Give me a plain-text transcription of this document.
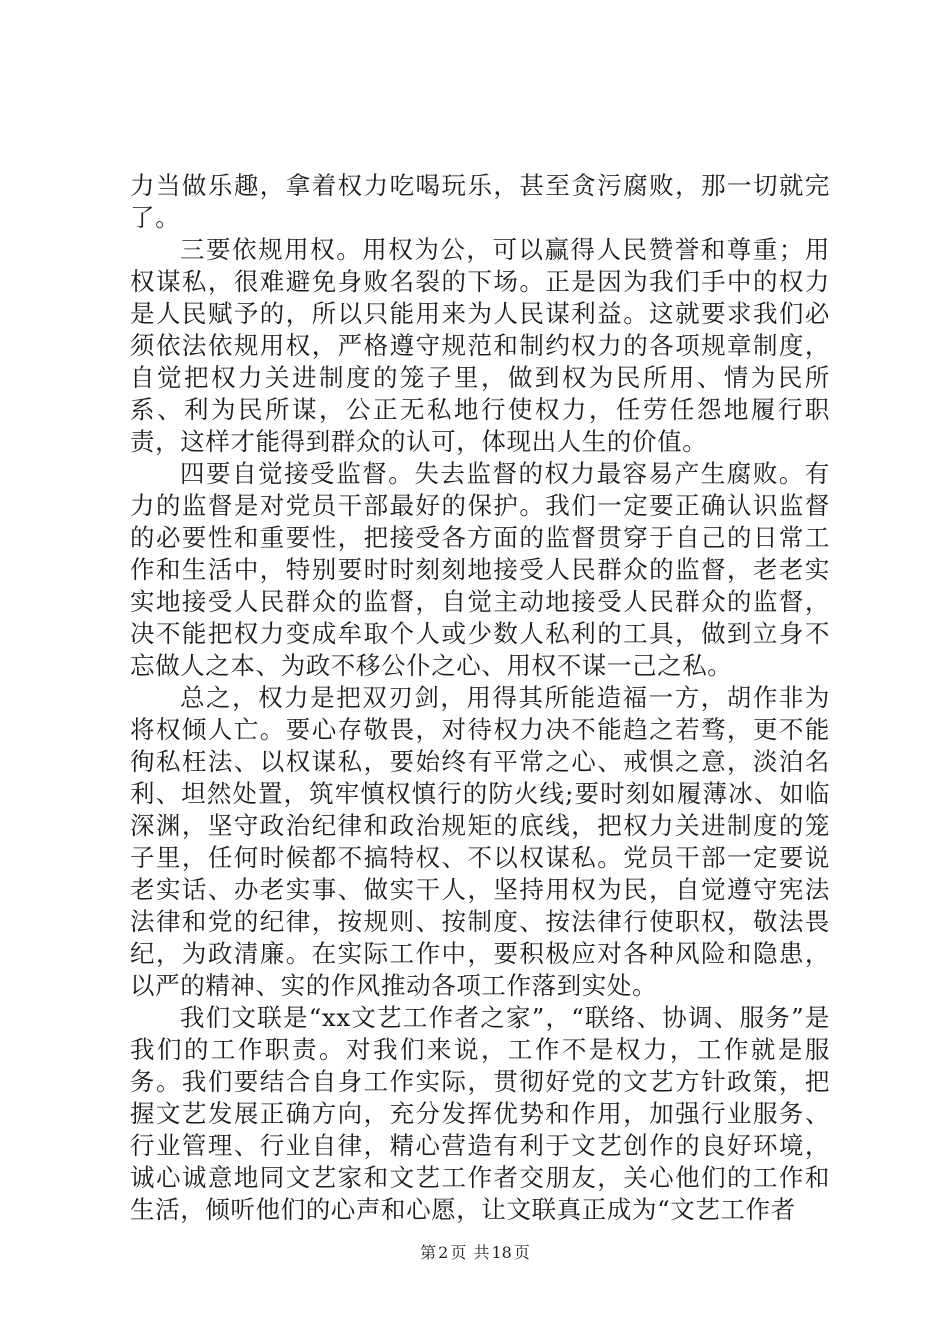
力当做乐趣，拿着权力吃喝玩乐，甚至贪污腐败，那一切就完了。

三要依规用权。用权为公，可以赢得人民赞誉和尊重；用权谋私，很难避免身败名裂的下场。正是因为我们手中的权力是人民赋予的，所以只能用来为人民谋利益。这就要求我们必须依法依规用权，严格遵守规范和制约权力的各项规章制度，自觉把权力关进制度的笼子里，做到权为民所用、情为民所系、利为民所谋，公正无私地行使权力，任劳任怨地履行职责，这样才能得到群众的认可，体现出人生的价值。

四要自觉接受监督。失去监督的权力最容易产生腐败。有力的监督是对党员干部最好的保护。我们一定要正确认识监督的必要性和重要性，把接受各方面的监督贯穿于自己的日常工作和生活中，特别要时时刻刻地接受人民群众的监督，老老实实地接受人民群众的监督，自觉主动地接受人民群众的监督，决不能把权力变成牟取个人或少数人私利的工具，做到立身不忘做人之本、为政不移公仆之心、用权不谋一己之私。

总之，权力是把双刃剑，用得其所能造福一方，胡作非为将权倾人亡。要心存敬畏，对待权力决不能趋之若骛，更不能徇私枉法、以权谋私，要始终有平常之心、戒惧之意，淡泊名利、坦然处置，筑牢慎权慎行的防火线;要时刻如履薄冰、如临深渊，坚守政治纪律和政治规矩的底线，把权力关进制度的笼子里，任何时候都不搞特权、不以权谋私。党员干部一定要说老实话、办老实事、做实干人，坚持用权为民，自觉遵守宪法法律和党的纪律，按规则、按制度、按法律行使职权，敬法畏纪，为政清廉。在实际工作中，要积极应对各种风险和隐患，以严的精神、实的作风推动各项工作落到实处。

我们文联是“xx文艺工作者之家”，“联络、协调、服务”是我们的工作职责。对我们来说，工作不是权力，工作就是服务。我们要结合自身工作实际，贯彻好党的文艺方针政策，把握文艺发展正确方向，充分发挥优势和作用，加强行业服务、行业管理、行业自律，精心营造有利于文艺创作的良好环境，诚心诚意地同文艺家和文艺工作者交朋友，关心他们的工作和生活，倾听他们的心声和心愿，让文联真正成为“文艺工作者

第 2 页 共 18 页
